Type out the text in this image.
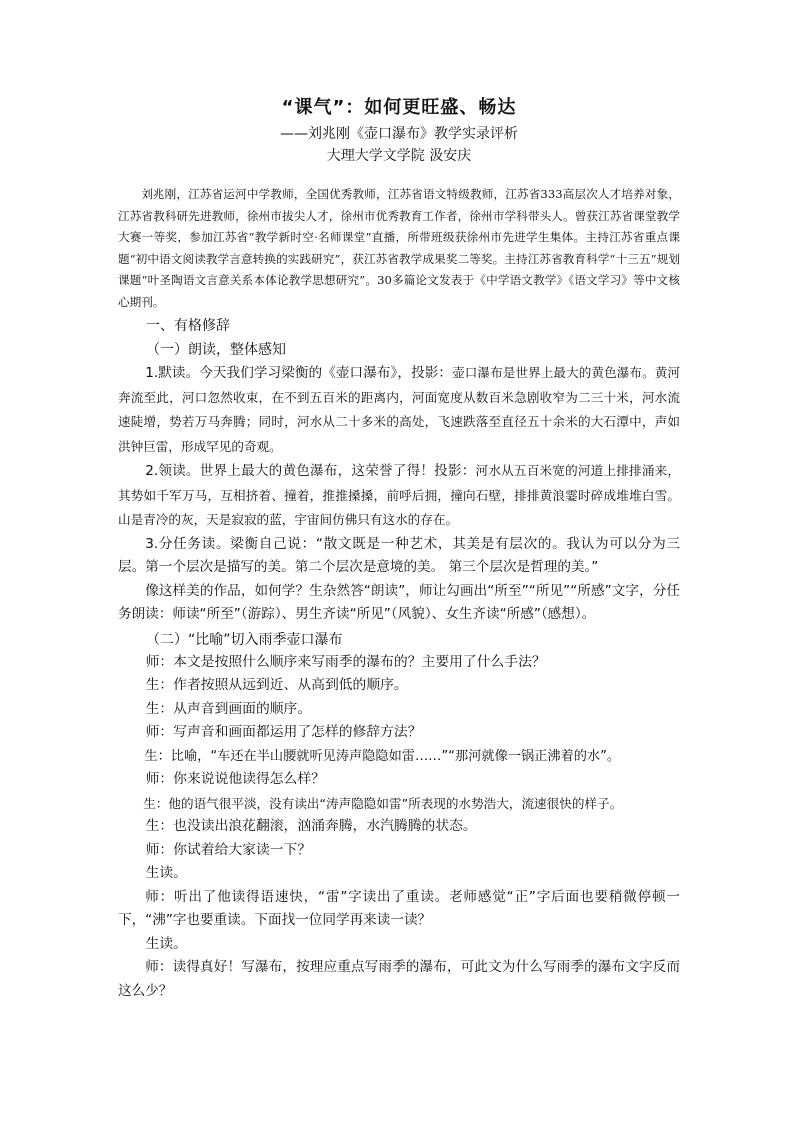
“课气”：如何更旺盛、畅达
——刘兆刚《壶口瀑布》教学实录评析
大理大学文学院 汲安庆
刘兆刚，江苏省运河中学教师，全国优秀教师，江苏省语文特级教师，江苏省333高层次人才培养对象，江苏省教科研先进教师，徐州市拔尖人才，徐州市优秀教育工作者，徐州市学科带头人。曾获江苏省课堂教学大赛一等奖，参加江苏省“教学新时空·名师课堂”直播，所带班级获徐州市先进学生集体。主持江苏省重点课题“初中语文阅读教学言意转换的实践研究”，获江苏省教学成果奖二等奖。主持江苏省教育科学“十三五”规划课题“叶圣陶语文言意关系本体论教学思想研究”。30多篇论文发表于《中学语文教学》《语文学习》等中文核心期刊。
一、有格修辞
（一）朗读，整体感知
1.默读。今天我们学习梁衡的《壶口瀑布》，投影：壶口瀑布是世界上最大的黄色瀑布。黄河奔流至此，河口忽然收束，在不到五百米的距离内，河面宽度从数百米急剧收窄为二三十米，河水流速陡增，势若万马奔腾；同时，河水从二十多米的高处，飞速跌落至直径五十余米的大石潭中，声如洪钟巨雷，形成罕见的奇观。
2.领读。世界上最大的黄色瀑布，这荣誉了得！投影：河水从五百米宽的河道上排排涌来，其势如千军万马，互相挤着、撞着，推推搡搡，前呼后拥，撞向石壁，排排黄浪霎时碎成堆堆白雪。山是青冷的灰，天是寂寂的蓝，宇宙间仿佛只有这水的存在。
3.分任务读。梁衡自己说：“散文既是一种艺术，其美是有层次的。我认为可以分为三层。第一个层次是描写的美。第二个层次是意境的美。 第三个层次是哲理的美。”
像这样美的作品，如何学？生杂然答“朗读”，师让勾画出“所至”“所见”“所感”文字，分任务朗读：师读“所至”（游踪）、男生齐读“所见”（风貌）、女生齐读“所感”（感想）。
（二）“比喻”切入雨季壶口瀑布
师：本文是按照什么顺序来写雨季的瀑布的？主要用了什么手法？
生：作者按照从远到近、从高到低的顺序。
生：从声音到画面的顺序。
师：写声音和画面都运用了怎样的修辞方法？
生：比喻，“车还在半山腰就听见涛声隐隐如雷……”“那河就像一锅正沸着的水”。
师：你来说说他读得怎么样？
生：他的语气很平淡，没有读出“涛声隐隐如雷”所表现的水势浩大，流速很快的样子。
生：也没读出浪花翻滚，汹涌奔腾，水汽腾腾的状态。
师：你试着给大家读一下？
生读。
师：听出了他读得语速快，“雷”字读出了重读。老师感觉“正”字后面也要稍微停顿一下，“沸”字也要重读。下面找一位同学再来读一读？
生读。
师：读得真好！写瀑布，按理应重点写雨季的瀑布，可此文为什么写雨季的瀑布文字反而这么少？
